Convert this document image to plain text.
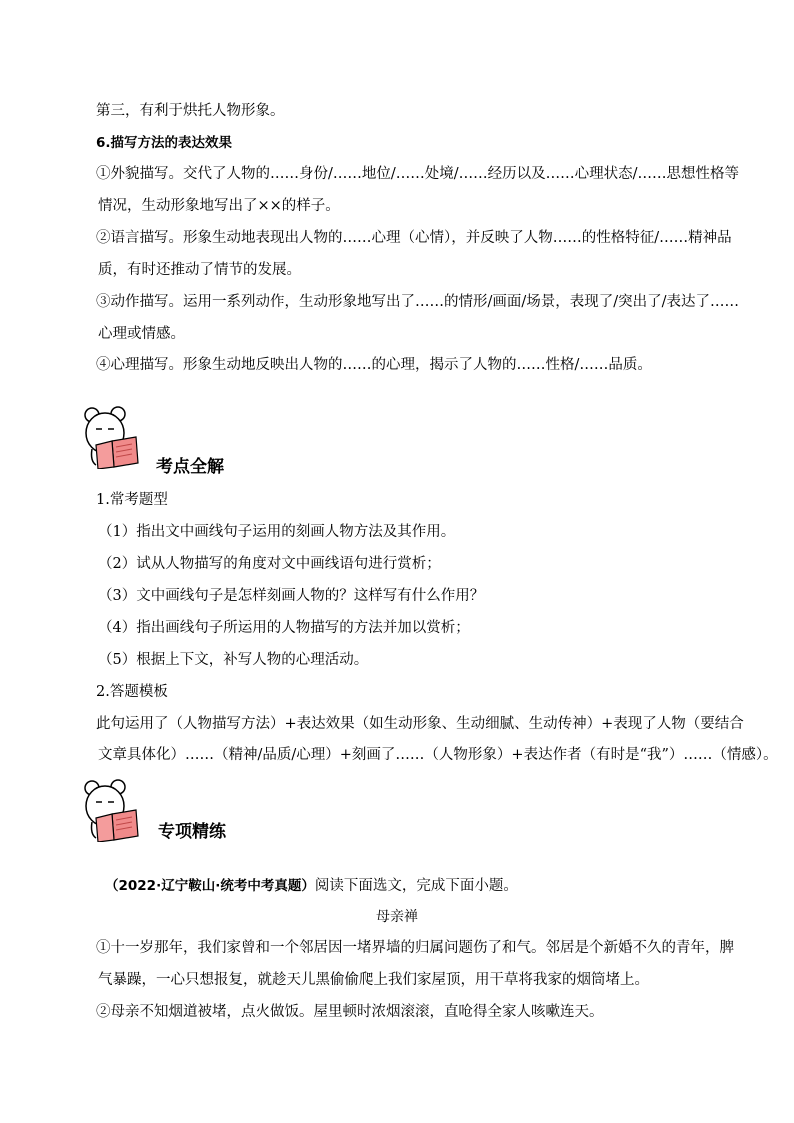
第三，有利于烘托人物形象。
6.描写方法的表达效果
①外貌描写。交代了人物的……身份/……地位/……处境/……经历以及……心理状态/……思想性格等
情况，生动形象地写出了××的样子。
②语言描写。形象生动地表现出人物的……心理（心情），并反映了人物……的性格特征/……精神品
质，有时还推动了情节的发展。
③动作描写。运用一系列动作，生动形象地写出了……的情形/画面/场景，表现了/突出了/表达了……
心理或情感。
④心理描写。形象生动地反映出人物的……的心理，揭示了人物的……性格/……品质。
考点全解
1.常考题型
（1）指出文中画线句子运用的刻画人物方法及其作用。
（2）试从人物描写的角度对文中画线语句进行赏析；
（3）文中画线句子是怎样刻画人物的？这样写有什么作用？
（4）指出画线句子所运用的人物描写的方法并加以赏析；
（5）根据上下文，补写人物的心理活动。
2.答题模板
此句运用了（人物描写方法）+表达效果（如生动形象、生动细腻、生动传神）+表现了人物（要结合
文章具体化）……（精神/品质/心理）+刻画了……（人物形象）+表达作者（有时是“我”）……（情感）。
专项精练
（2022·辽宁鞍山·统考中考真题）阅读下面选文，完成下面小题。
母亲禅
①十一岁那年，我们家曾和一个邻居因一堵界墙的归属问题伤了和气。邻居是个新婚不久的青年，脾
气暴躁，一心只想报复，就趁天儿黑偷偷爬上我们家屋顶，用干草将我家的烟筒堵上。
②母亲不知烟道被堵，点火做饭。屋里顿时浓烟滚滚，直呛得全家人咳嗽连天。
